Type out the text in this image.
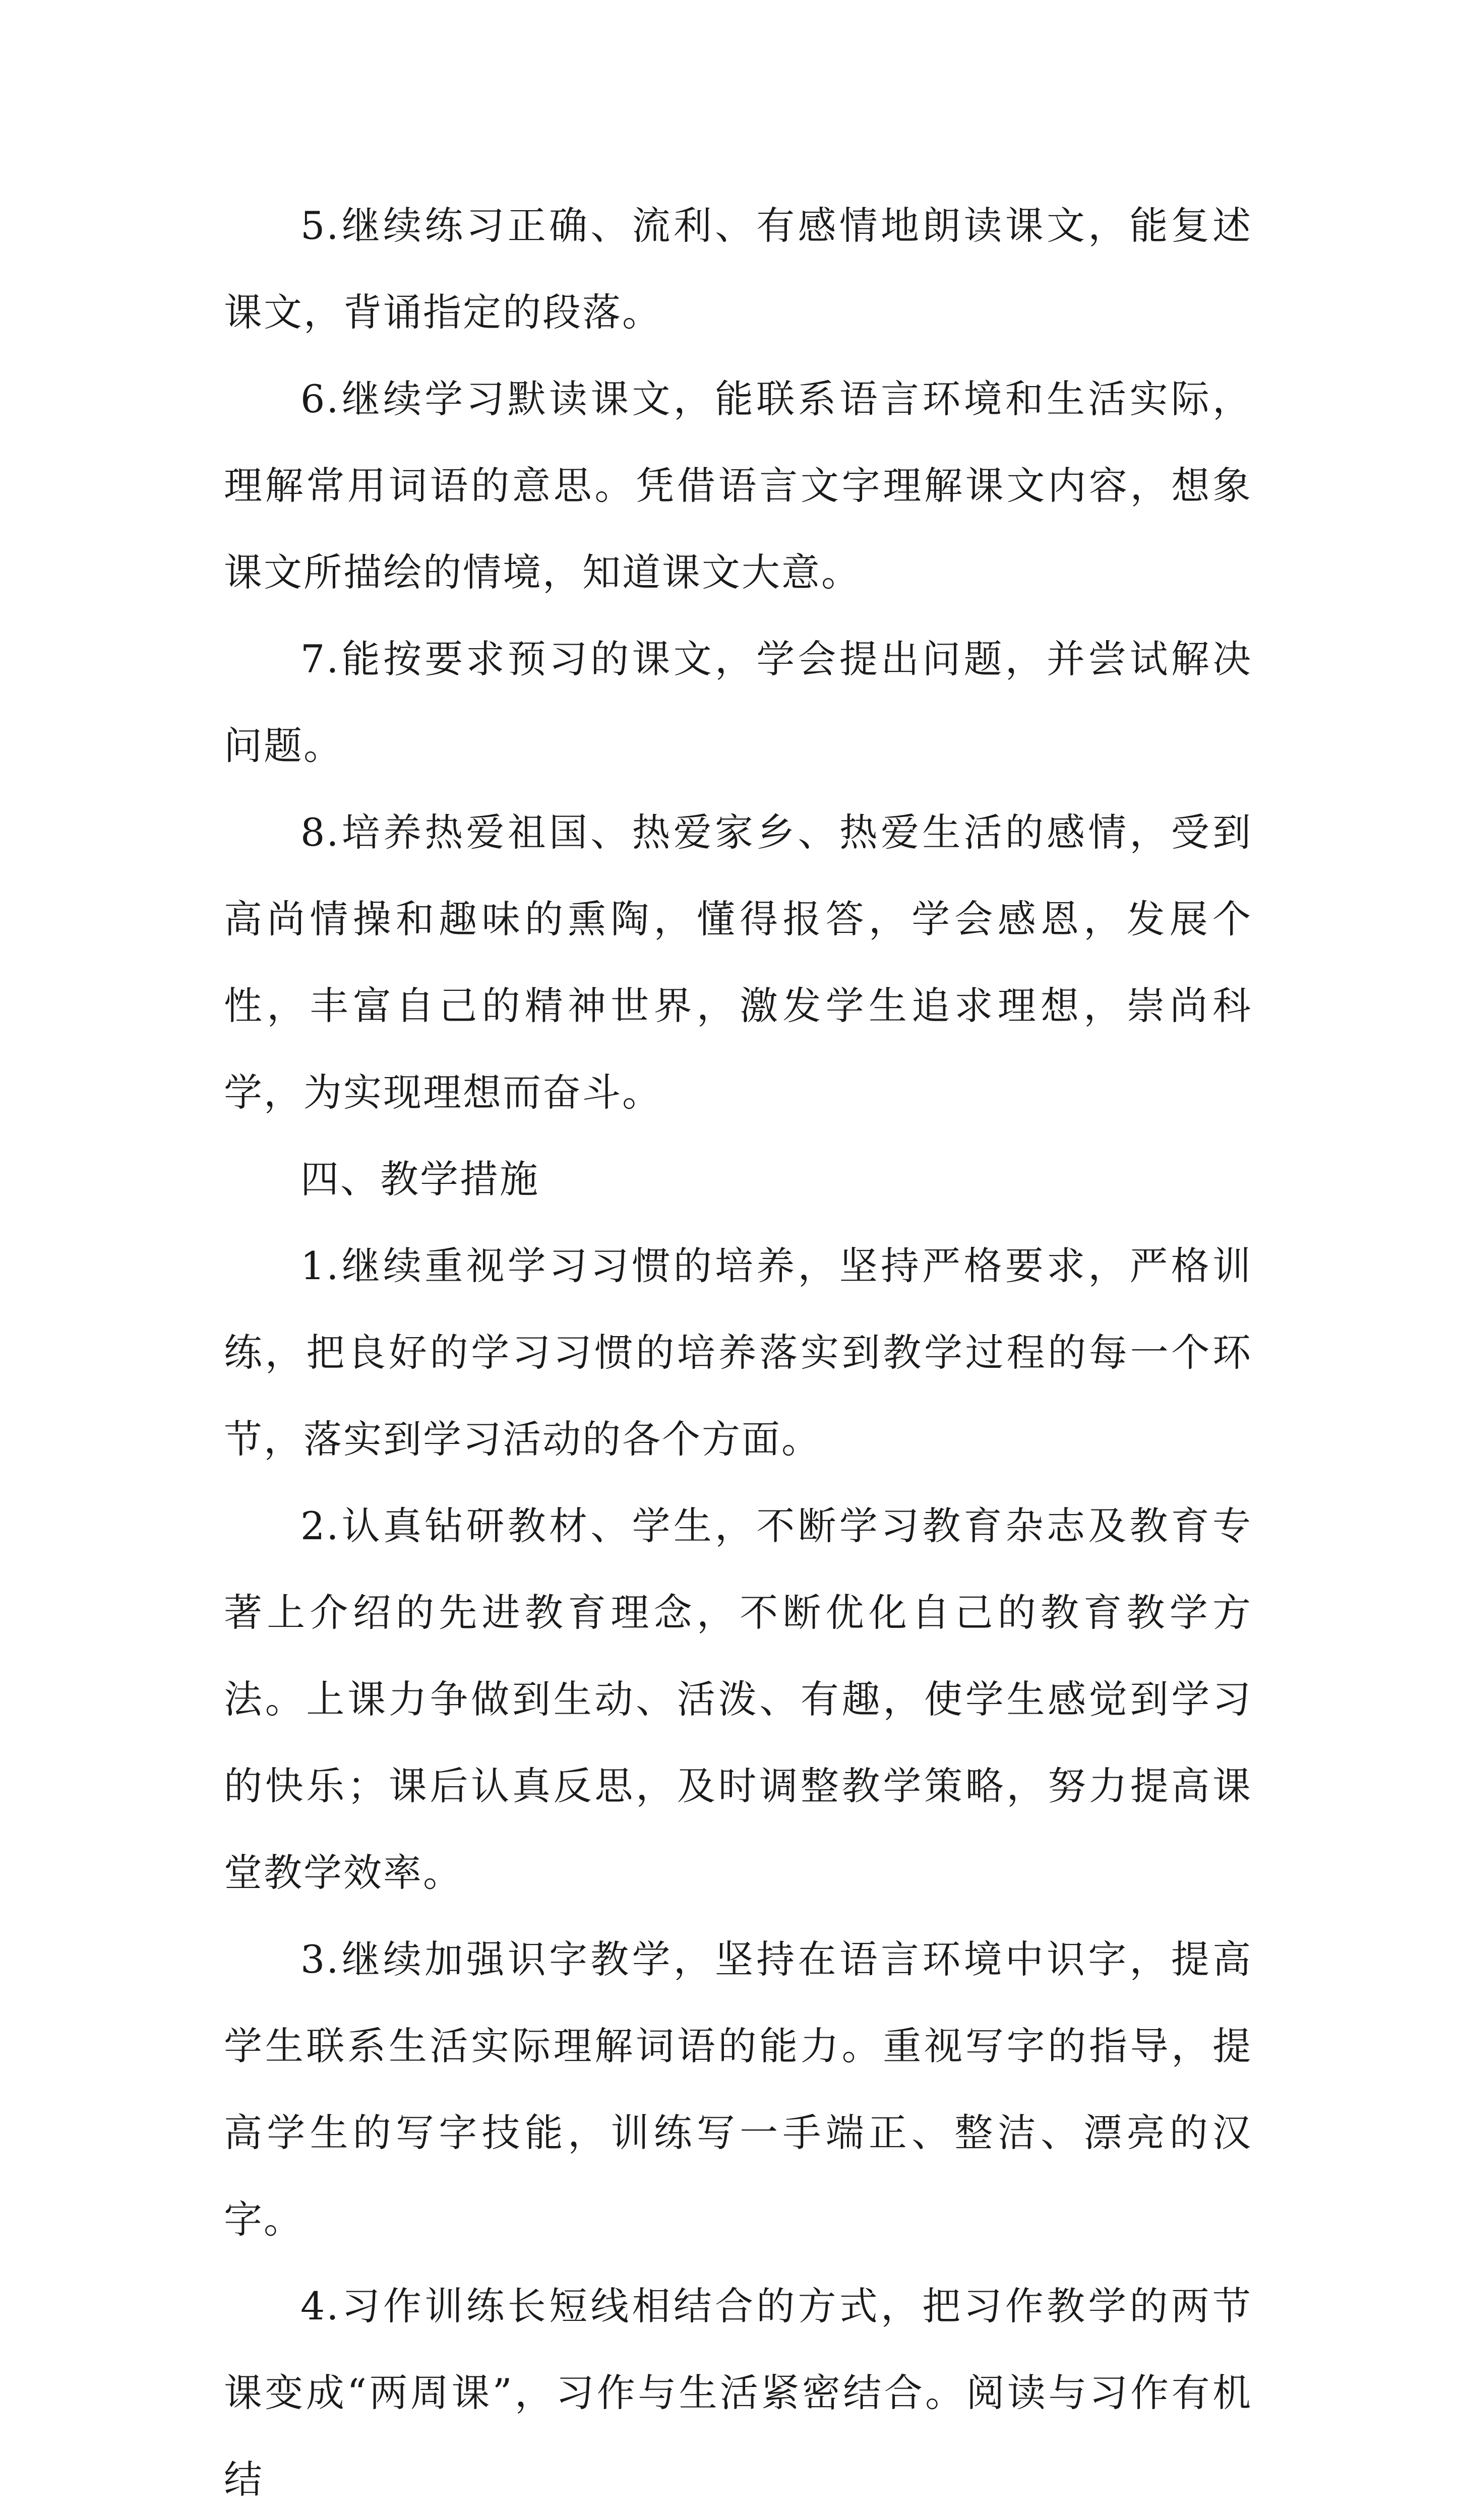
5.继续练习正确、流利、有感情地朗读课文，能复述课文，背诵指定的段落。

6.继续学习默读课文，能联系语言环境和生活实际，理解常用词语的意思。凭借语言文字理解课文内容，想象课文所描绘的情境，知道课文大意。

7.能按要求预习的课文，学会提出问题，并尝试解决问题。

8.培养热爱祖国、热爱家乡、热爱生活的感情，受到高尚情操和趣味的熏陶，懂得报答，学会感恩，发展个性，丰富自己的精神世界，激发学生追求理想，崇尚科学，为实现理想而奋斗。

四、教学措施

1.继续重视学习习惯的培养，坚持严格要求，严格训练，把良好的学习习惯的培养落实到教学过程的每一个环节，落实到学习活动的各个方面。

2.认真钻研教材、学生，不断学习教育杂志及教育专著上介绍的先进教育理念，不断优化自己的教育教学方法。上课力争做到生动、活泼、有趣，使学生感觉到学习的快乐；课后认真反思，及时调整教学策略，努力提高课堂教学效率。

3.继续加强识字教学，坚持在语言环境中识字，提高学生联系生活实际理解词语的能力。重视写字的指导，提高学生的写字技能，训练写一手端正、整洁、漂亮的汉字。

4.习作训练长短线相结合的方式，把习作教学的两节课变成“两周课”，习作与生活紧密结合。阅读与习作有机结
